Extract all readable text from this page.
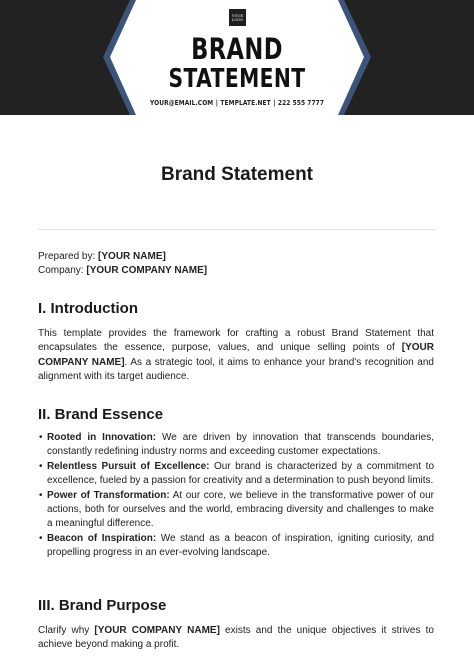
YOUR LOGO
BRAND
STATEMENT
YOUR@EMAIL.COM | TEMPLATE.NET | 222 555 7777
Brand Statement
Prepared by: [YOUR NAME]
Company: [YOUR COMPANY NAME]
I. Introduction
This template provides the framework for crafting a robust Brand Statement that encapsulates the essence, purpose, values, and unique selling points of [YOUR COMPANY NAME]. As a strategic tool, it aims to enhance your brand's recognition and alignment with its target audience.
II. Brand Essence
• Rooted in Innovation: We are driven by innovation that transcends boundaries, constantly redefining industry norms and exceeding customer expectations.
• Relentless Pursuit of Excellence: Our brand is characterized by a commitment to excellence, fueled by a passion for creativity and a determination to push beyond limits.
• Power of Transformation: At our core, we believe in the transformative power of our actions, both for ourselves and the world, embracing diversity and challenges to make a meaningful difference.
• Beacon of Inspiration: We stand as a beacon of inspiration, igniting curiosity, and propelling progress in an ever-evolving landscape.
III. Brand Purpose
Clarify why [YOUR COMPANY NAME] exists and the unique objectives it strives to achieve beyond making a profit.
